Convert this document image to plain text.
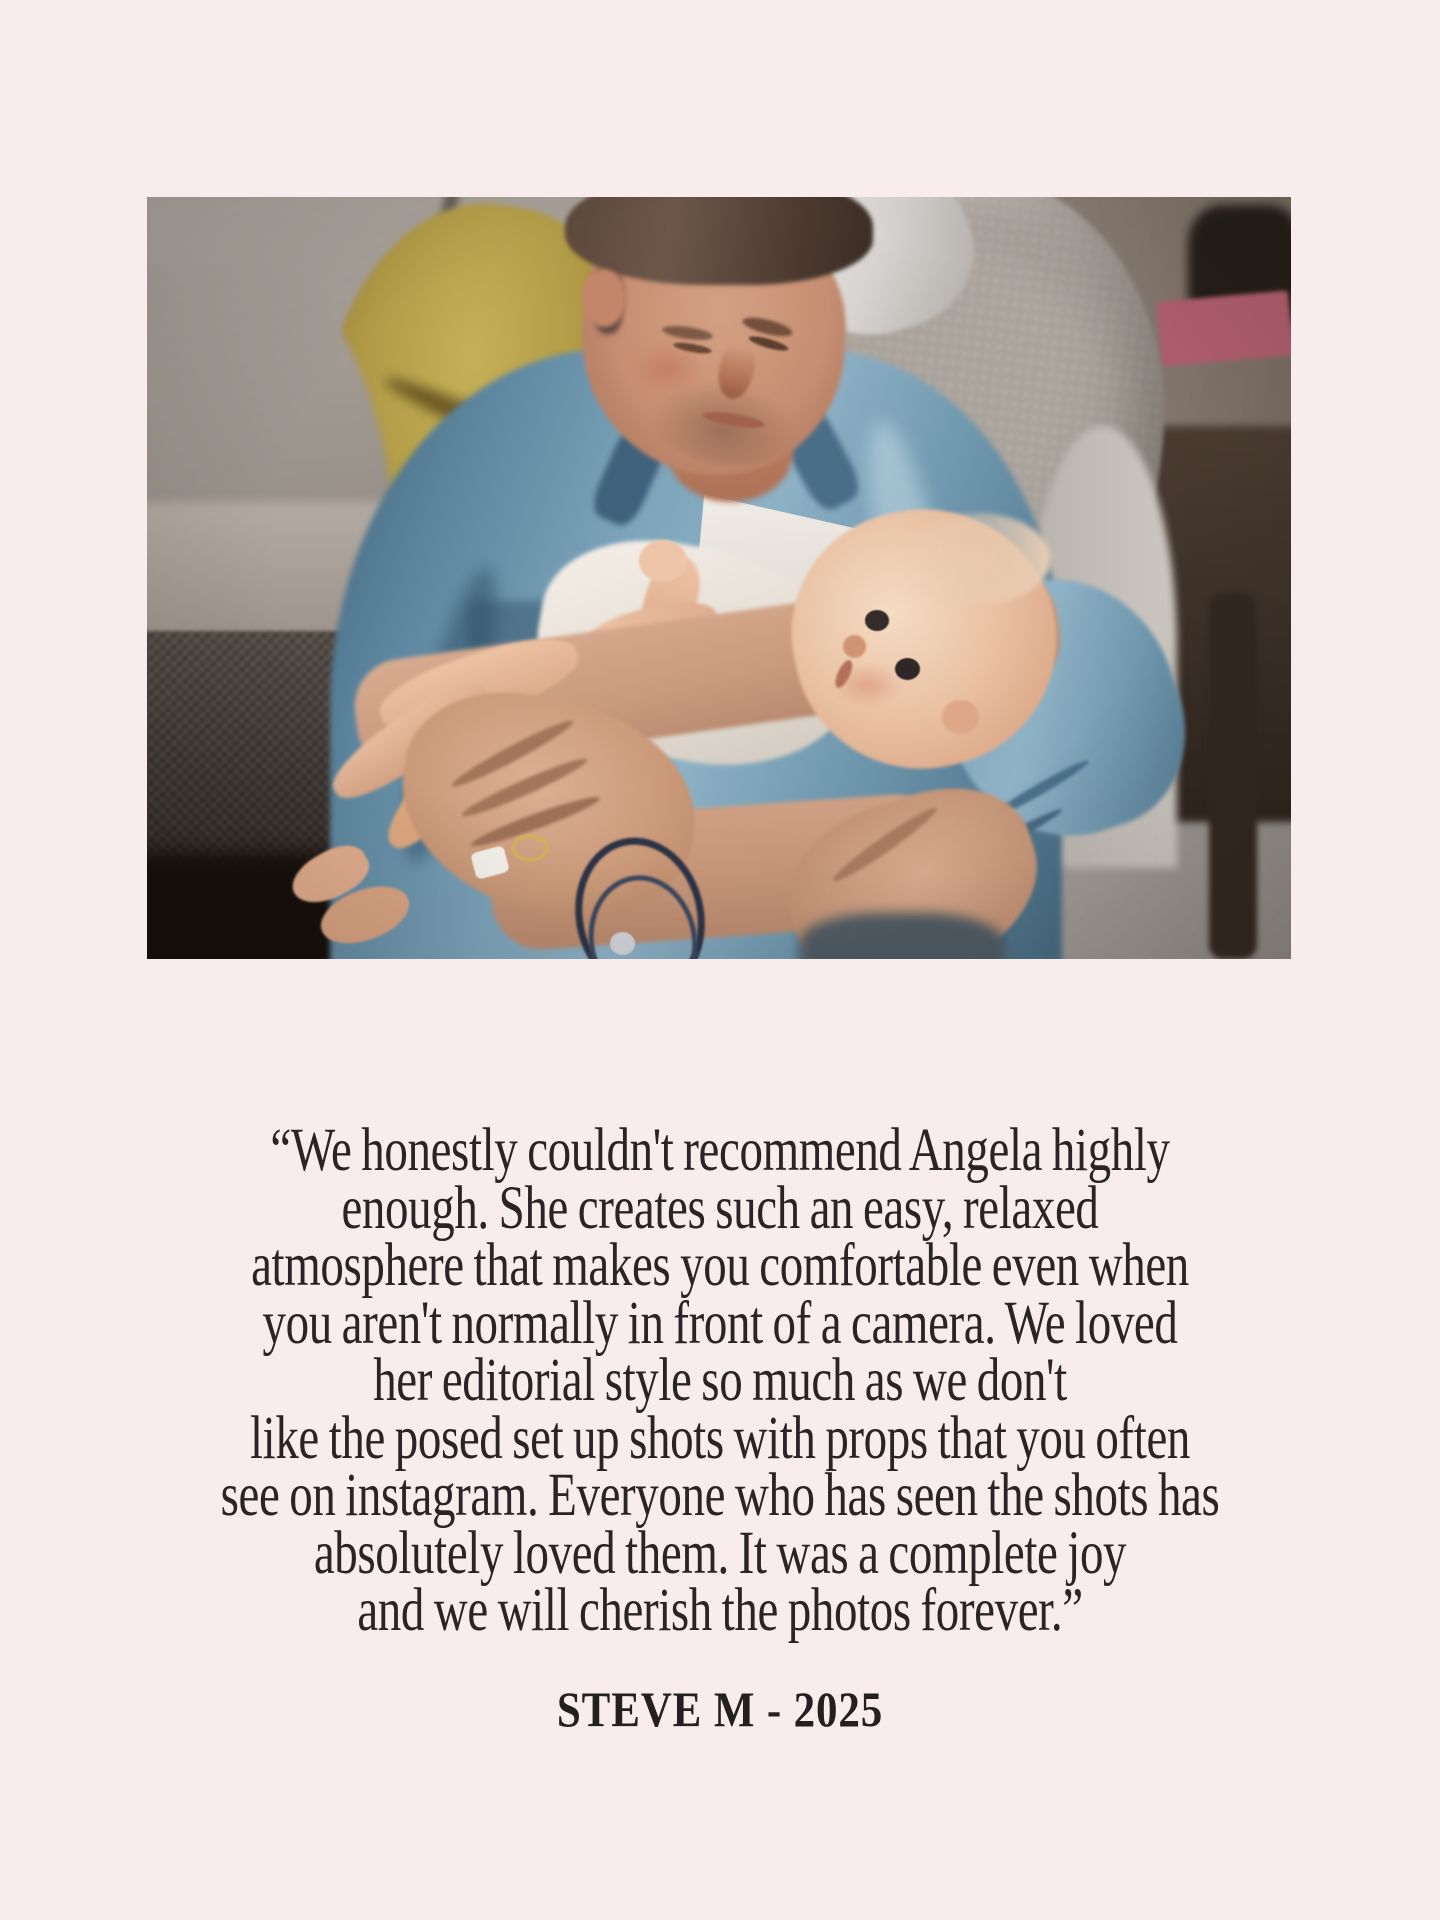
“We honestly couldn't recommend Angela highly
enough. She creates such an easy, relaxed
atmosphere that makes you comfortable even when
you aren't normally in front of a camera. We loved
her editorial style so much as we don't
like the posed set up shots with props that you often
see on instagram. Everyone who has seen the shots has
absolutely loved them. It was a complete joy
and we will cherish the photos forever.”
STEVE M - 2025
